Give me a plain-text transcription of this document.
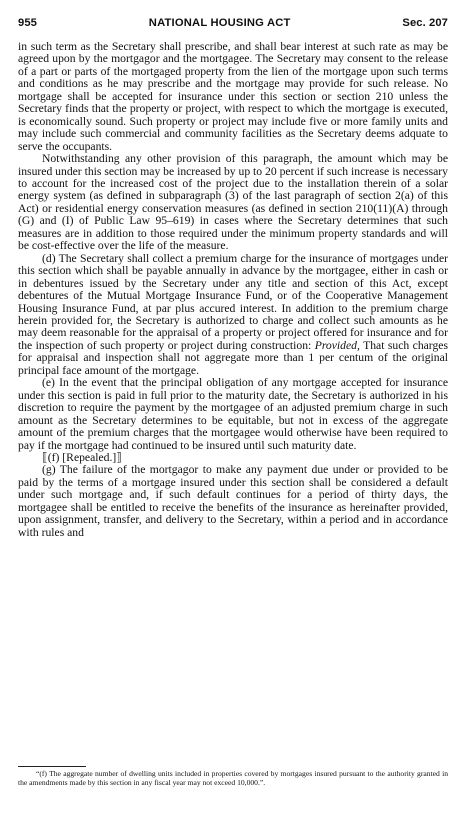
955	NATIONAL HOUSING ACT	Sec. 207

in such term as the Secretary shall prescribe, and shall bear interest at such rate as may be agreed upon by the mortgagor and the mortgagee. The Secretary may consent to the release of a part or parts of the mortgaged property from the lien of the mortgage upon such terms and conditions as he may prescribe and the mortgage may provide for such release. No mortgage shall be accepted for insurance under this section or section 210 unless the Secretary finds that the property or project, with respect to which the mortgage is executed, is economically sound. Such property or project may include five or more family units and may include such commercial and community facilities as the Secretary deems adquate to serve the occupants.

Notwithstanding any other provision of this paragraph, the amount which may be insured under this section may be increased by up to 20 percent if such increase is necessary to account for the increased cost of the project due to the installation therein of a solar energy system (as defined in subparagraph (3) of the last paragraph of section 2(a) of this Act) or residential energy conservation measures (as defined in section 210(11)(A) through (G) and (I) of Public Law 95–619) in cases where the Secretary determines that such measures are in addition to those required under the minimum property standards and will be cost-effective over the life of the measure.

(d) The Secretary shall collect a premium charge for the insurance of mortgages under this section which shall be payable annually in advance by the mortgagee, either in cash or in debentures issued by the Secretary under any title and section of this Act, except debentures of the Mutual Mortgage Insurance Fund, or of the Cooperative Management Housing Insurance Fund, at par plus accured interest. In addition to the premium charge herein provided for, the Secretary is authorized to charge and collect such amounts as he may deem reasonable for the appraisal of a property or project offered for insurance and for the inspection of such property or project during construction: Provided, That such charges for appraisal and inspection shall not aggregate more than 1 per centum of the original principal face amount of the mortgage.

(e) In the event that the principal obligation of any mortgage accepted for insurance under this section is paid in full prior to the maturity date, the Secretary is authorized in his discretion to require the payment by the mortgagee of an adjusted premium charge in such amount as the Secretary determines to be equitable, but not in excess of the aggregate amount of the premium charges that the mortgagee would otherwise have been required to pay if the mortgage had continued to be insured until such maturity date.

⟦(f) [Repealed.]⟧

(g) The failure of the mortgagor to make any payment due under or provided to be paid by the terms of a mortgage insured under this section shall be considered a default under such mortgage and, if such default continues for a period of thirty days, the mortgagee shall be entitled to receive the benefits of the insurance as hereinafter provided, upon assignment, transfer, and delivery to the Secretary, within a period and in accordance with rules and

“(f) The aggregate number of dwelling units included in properties covered by mortgages insured pursuant to the authority granted in the amendments made by this section in any fiscal year may not exceed 10,000.”.
